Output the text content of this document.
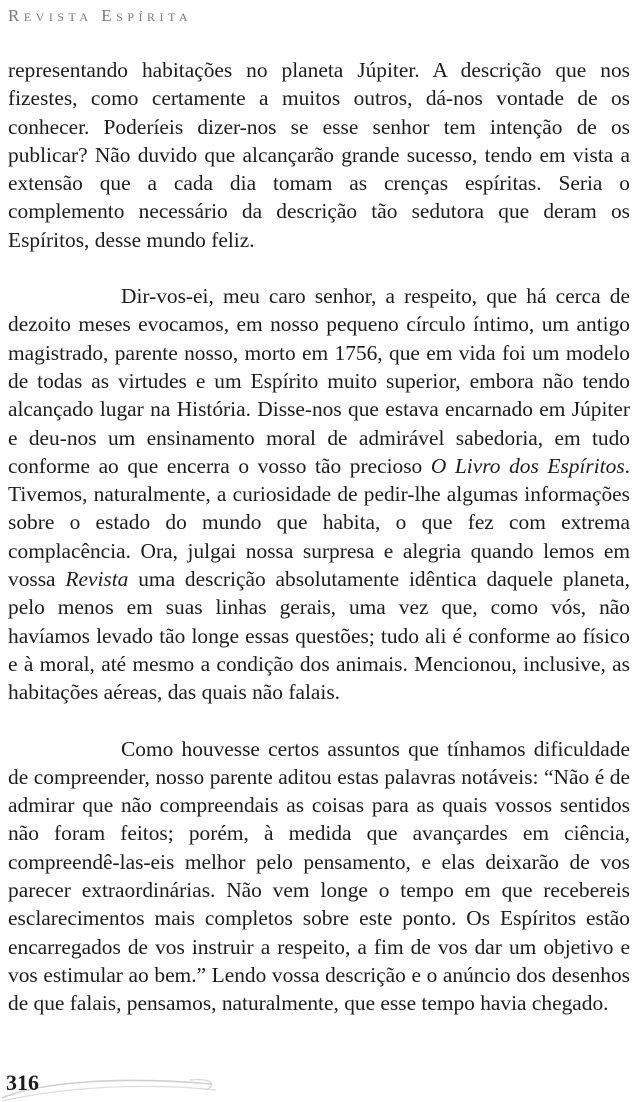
Revista Espírita

representando habitações no planeta Júpiter. A descrição que nos fizestes, como certamente a muitos outros, dá-nos vontade de os conhecer. Poderíeis dizer-nos se esse senhor tem intenção de os publicar? Não duvido que alcançarão grande sucesso, tendo em vista a extensão que a cada dia tomam as crenças espíritas. Seria o complemento necessário da descrição tão sedutora que deram os Espíritos, desse mundo feliz.

Dir-vos-ei, meu caro senhor, a respeito, que há cerca de dezoito meses evocamos, em nosso pequeno círculo íntimo, um antigo magistrado, parente nosso, morto em 1756, que em vida foi um modelo de todas as virtudes e um Espírito muito superior, embora não tendo alcançado lugar na História. Disse-nos que estava encarnado em Júpiter e deu-nos um ensinamento moral de admirável sabedoria, em tudo conforme ao que encerra o vosso tão precioso O Livro dos Espíritos. Tivemos, naturalmente, a curiosidade de pedir-lhe algumas informações sobre o estado do mundo que habita, o que fez com extrema complacência. Ora, julgai nossa surpresa e alegria quando lemos em vossa Revista uma descrição absolutamente idêntica daquele planeta, pelo menos em suas linhas gerais, uma vez que, como vós, não havíamos levado tão longe essas questões; tudo ali é conforme ao físico e à moral, até mesmo a condição dos animais. Mencionou, inclusive, as habitações aéreas, das quais não falais.

Como houvesse certos assuntos que tínhamos dificuldade de compreender, nosso parente aditou estas palavras notáveis: “Não é de admirar que não compreendais as coisas para as quais vossos sentidos não foram feitos; porém, à medida que avançardes em ciência, compreendê-las-eis melhor pelo pensamento, e elas deixarão de vos parecer extraordinárias. Não vem longe o tempo em que recebereis esclarecimentos mais completos sobre este ponto. Os Espíritos estão encarregados de vos instruir a respeito, a fim de vos dar um objetivo e vos estimular ao bem.” Lendo vossa descrição e o anúncio dos desenhos de que falais, pensamos, naturalmente, que esse tempo havia chegado.

316
